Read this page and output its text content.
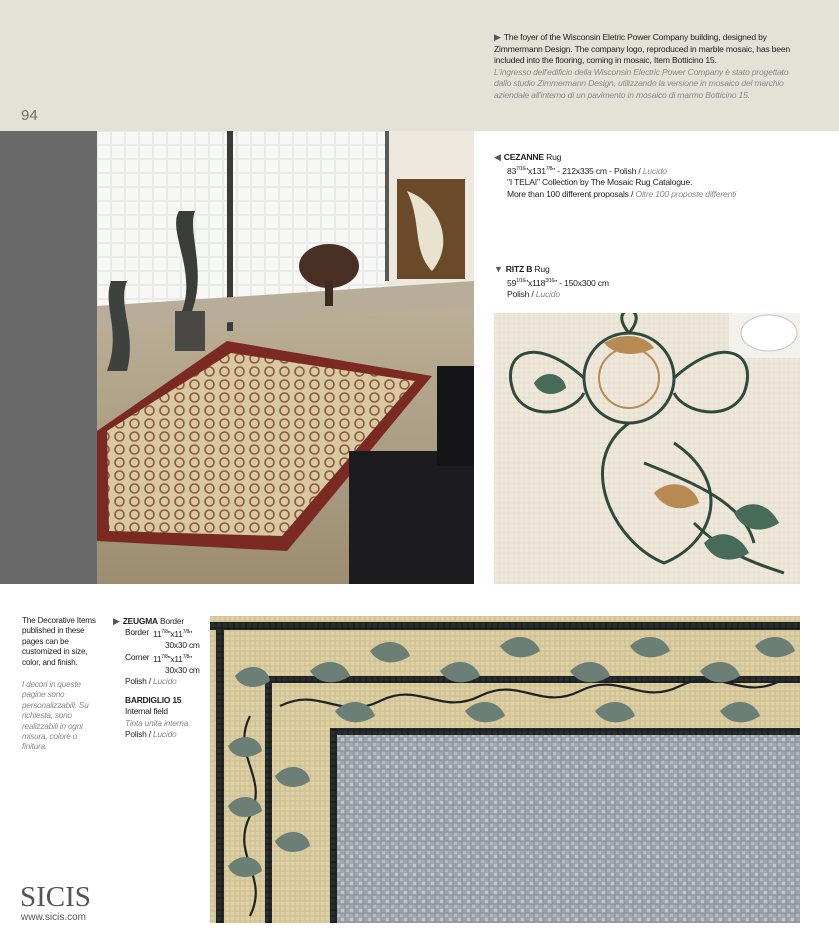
94
▶ The foyer of the Wisconsin Eletric Power Company building, designed by Zimmermann Design. The company logo, reproduced in marble mosaic, has been included into the flooring, coming in mosaic, Item Botticino 15.
L'ingresso dell'edificio della Wisconsin Electric Power Company è stato progettato dallo studio Zimmermann Design, utilizzando la versione in mosaico del marchio aziendale all'interno di un pavimento in mosaico di marmo Botticino 15.
◀ CEZANNE Rug
$83^{7/16}"x131^{7/8}$" - 212x335 cm - Polish / Lucido
"I TELAI" Collection by The Mosaic Rug Catalogue.
More than 100 different proposals / Oltre 100 proposte differenti
▼ RITZ B Rug
$59^{1/16}"x118^{3/16}$" - 150x300 cm
Polish / Lucido
The Decorative Items published in these pages can be customized in size, color, and finish.
I decori in queste pagine sono personalizzabili. Su richiesta, sono realizzabili in ogni misura, colore o finitura.
▶ ZEUGMA Border
Border $11^{7/8}"x11^{7/8}$"
30x30 cm
Corner $11^{7/8}"x11^{7/8}$"
30x30 cm
Polish / Lucido
BARDIGLIO 15
Internal field
Tinta unita interna
Polish / Lucido
SICIS
www.sicis.com
